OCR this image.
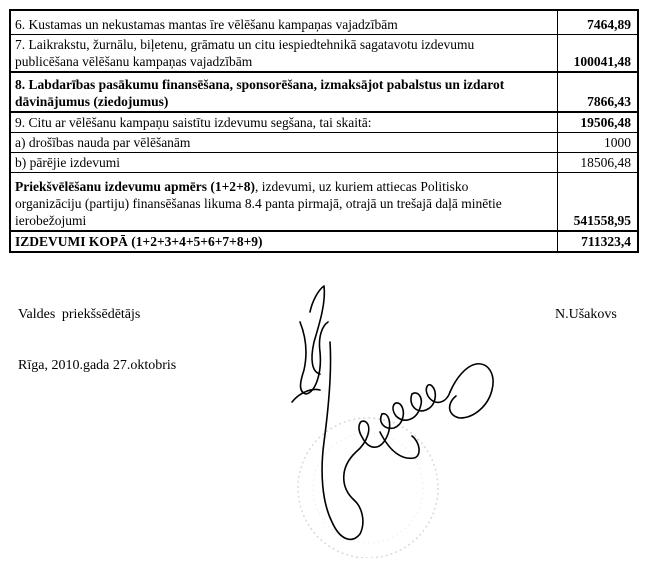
6. Kustamas un nekustamas mantas īre vēlēšanu kampaņas vajadzībām	7464,89
7. Laikrakstu, žurnālu, biļetenu, grāmatu un citu iespiedtehnikā sagatavotu izdevumu
publicēšana vēlēšanu kampaņas vajadzībām	100041,48
8. Labdarības pasākumu finansēšana, sponsorēšana, izmaksājot pabalstus un izdarot
dāvinājumus (ziedojumus)	7866,43
9. Citu ar vēlēšanu kampaņu saistītu izdevumu segšana, tai skaitā:	19506,48
a) drošības nauda par vēlēšanām	1000
b) pārējie izdevumi	18506,48
Priekšvēlēšanu izdevumu apmērs (1+2+8), izdevumi, uz kuriem attiecas Politisko
organizāciju (partiju) finansēšanas likuma 8.4 panta pirmajā, otrajā un trešajā daļā minētie
ierobežojumi	541558,95
IZDEVUMI KOPĀ (1+2+3+4+5+6+7+8+9)	711323,4
Valdes priekšsēdētājs	N.Ušakovs
Rīga, 2010.gada 27.oktobris
